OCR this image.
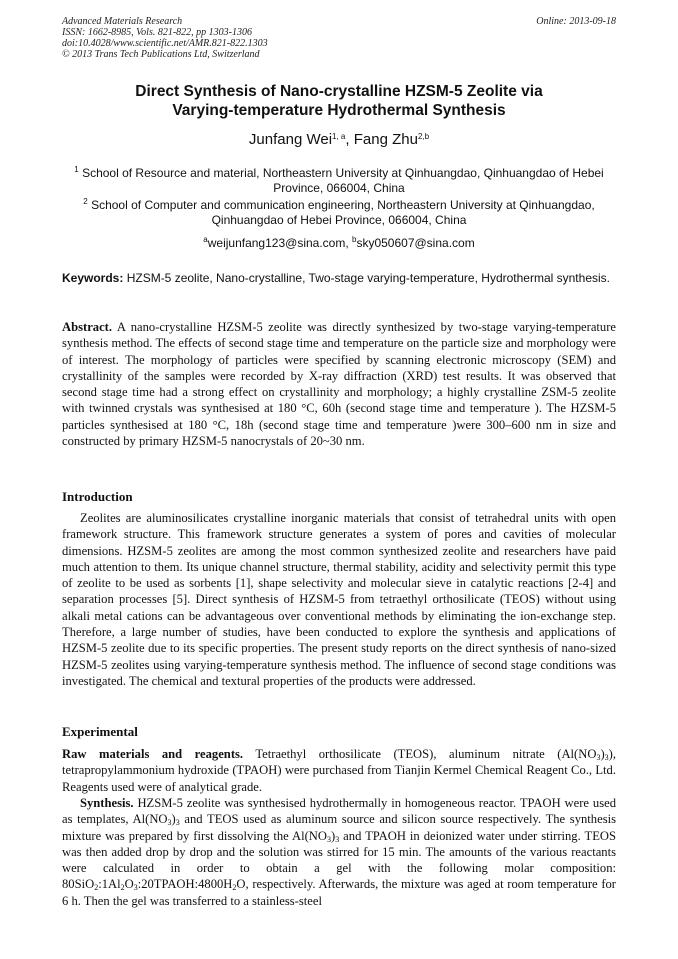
Advanced Materials Research
ISSN: 1662-8985, Vols. 821-822, pp 1303-1306
doi:10.4028/www.scientific.net/AMR.821-822.1303
© 2013 Trans Tech Publications Ltd, Switzerland
Online: 2013-09-18
Direct Synthesis of Nano-crystalline HZSM-5 Zeolite via
Varying-temperature Hydrothermal Synthesis
Junfang Wei$^{1, a}$, Fang Zhu$^{2,b}$
$^1$ School of Resource and material, Northeastern University at Qinhuangdao, Qinhuangdao of Hebei
Province, 066004, China
$^2$ School of Computer and communication engineering, Northeastern University at Qinhuangdao,
Qinhuangdao of Hebei Province, 066004, China
$^a$weijunfang123@sina.com, $^b$sky050607@sina.com
Keywords: HZSM-5 zeolite, Nano-crystalline, Two-stage varying-temperature, Hydrothermal synthesis.
Abstract. A nano-crystalline HZSM-5 zeolite was directly synthesized by two-stage varying-temperature synthesis method. The effects of second stage time and temperature on the particle size and morphology were of interest. The morphology of particles were specified by scanning electronic microscopy (SEM) and crystallinity of the samples were recorded by X-ray diffraction (XRD) test results. It was observed that second stage time had a strong effect on crystallinity and morphology; a highly crystalline ZSM-5 zeolite with twinned crystals was synthesised at 180 °C, 60h (second stage time and temperature ). The HZSM-5 particles synthesised at 180 °C, 18h (second stage time and temperature )were 300–600 nm in size and constructed by primary HZSM-5 nanocrystals of 20~30 nm.
Introduction
Zeolites are aluminosilicates crystalline inorganic materials that consist of tetrahedral units with open framework structure. This framework structure generates a system of pores and cavities of molecular dimensions. HZSM-5 zeolites are among the most common synthesized zeolite and researchers have paid much attention to them. Its unique channel structure, thermal stability, acidity and selectivity permit this type of zeolite to be used as sorbents [1], shape selectivity and molecular sieve in catalytic reactions [2-4] and separation processes [5]. Direct synthesis of HZSM-5 from tetraethyl orthosilicate (TEOS) without using alkali metal cations can be advantageous over conventional methods by eliminating the ion-exchange step. Therefore, a large number of studies, have been conducted to explore the synthesis and applications of HZSM-5 zeolite due to its specific properties. The present study reports on the direct synthesis of nano-sized HZSM-5 zeolites using varying-temperature synthesis method. The influence of second stage conditions was investigated. The chemical and textural properties of the products were addressed.
Experimental
Raw materials and reagents. Tetraethyl orthosilicate (TEOS), aluminum nitrate $(Al(NO_3)_3)$, tetrapropylammonium hydroxide (TPAOH) were purchased from Tianjin Kermel Chemical Reagent Co., Ltd. Reagents used were of analytical grade.
Synthesis. HZSM-5 zeolite was synthesised hydrothermally in homogeneous reactor. TPAOH were used as templates, $Al(NO_3)_3$ and TEOS used as aluminum source and silicon source respectively. The synthesis mixture was prepared by first dissolving the $Al(NO_3)_3$ and TPAOH in deionized water under stirring. TEOS was then added drop by drop and the solution was stirred for 15 min. The amounts of the various reactants were calculated in order to obtain a gel with the following molar composition: $80SiO_2:1Al_2O_3:20TPAOH:4800H_2O$, respectively. Afterwards, the mixture was aged at room temperature for 6 h. Then the gel was transferred to a stainless-steel
